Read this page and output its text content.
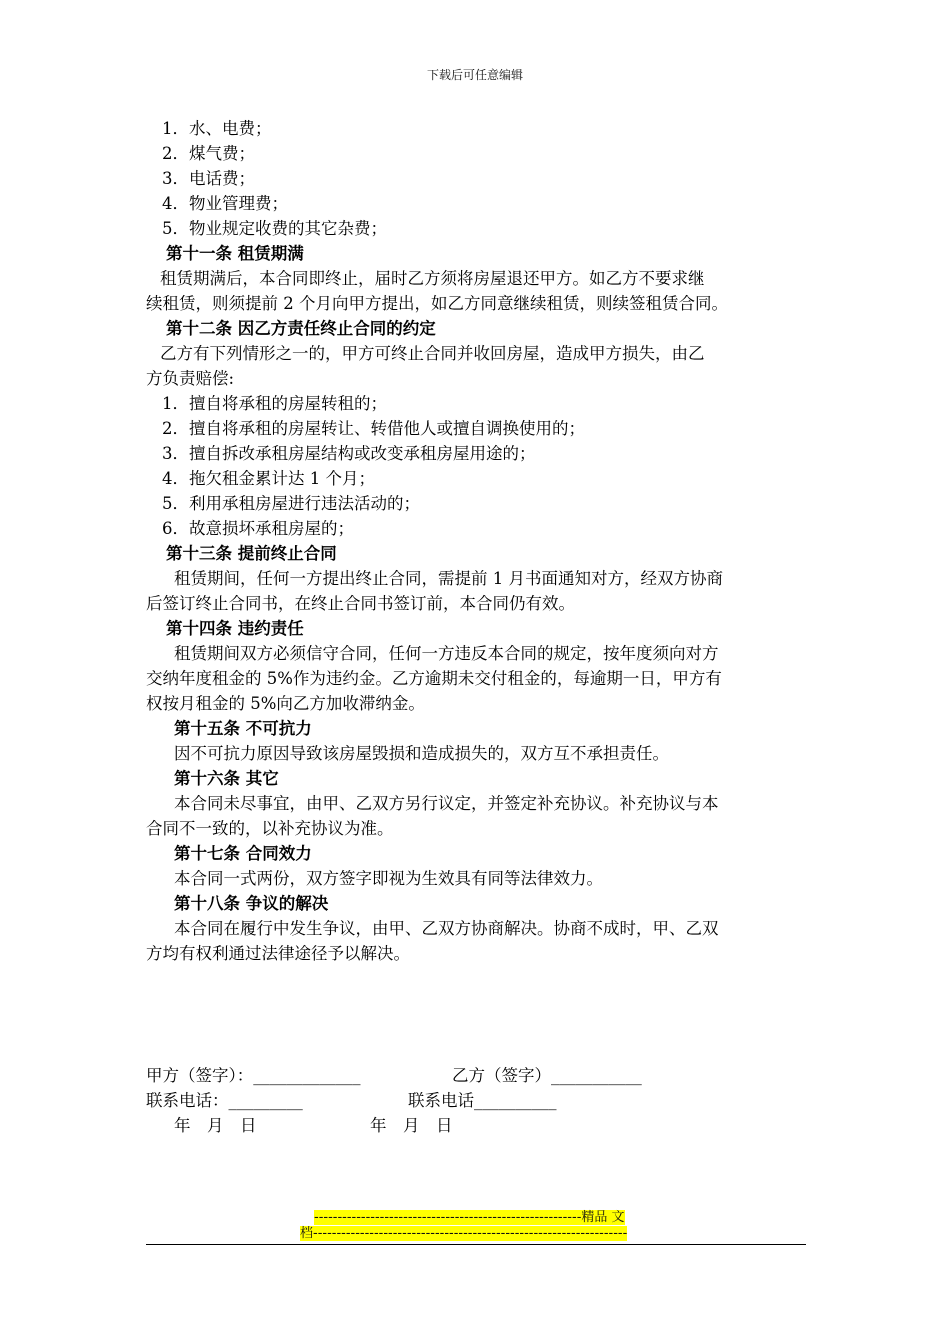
下载后可任意编辑
1．水、电费；
2．煤气费；
3．电话费；
4．物业管理费；
5．物业规定收费的其它杂费；
第十一条 租赁期满
租赁期满后，本合同即终止，届时乙方须将房屋退还甲方。如乙方不要求继
续租赁，则须提前 2 个月向甲方提出，如乙方同意继续租赁，则续签租赁合同。
第十二条 因乙方责任终止合同的约定
乙方有下列情形之一的，甲方可终止合同并收回房屋，造成甲方损失，由乙
方负责赔偿:
1．擅自将承租的房屋转租的；
2．擅自将承租的房屋转让、转借他人或擅自调换使用的；
3．擅自拆改承租房屋结构或改变承租房屋用途的；
4．拖欠租金累计达 1 个月；
5．利用承租房屋进行违法活动的；
6．故意损坏承租房屋的；
第十三条 提前终止合同
租赁期间，任何一方提出终止合同，需提前 1 月书面通知对方，经双方协商
后签订终止合同书，在终止合同书签订前，本合同仍有效。
第十四条 违约责任
租赁期间双方必须信守合同，任何一方违反本合同的规定，按年度须向对方
交纳年度租金的 5%作为违约金。乙方逾期未交付租金的，每逾期一日，甲方有
权按月租金的 5%向乙方加收滞纳金。
第十五条 不可抗力
因不可抗力原因导致该房屋毁损和造成损失的，双方互不承担责任。
第十六条 其它
本合同未尽事宜，由甲、乙双方另行议定，并签定补充协议。补充协议与本
合同不一致的，以补充协议为准。
第十七条 合同效力
本合同一式两份，双方签字即视为生效具有同等法律效力。
第十八条 争议的解决
本合同在履行中发生争议，由甲、乙双方协商解决。协商不成时，甲、乙双
方均有权利通过法律途径予以解决。
甲方（签字）：_____________	乙方（签字）___________
联系电话：_________	联系电话__________
年　月　日	年　月　日
---------------------------------------------------------精品 文
档-------------------------------------------------------------------
